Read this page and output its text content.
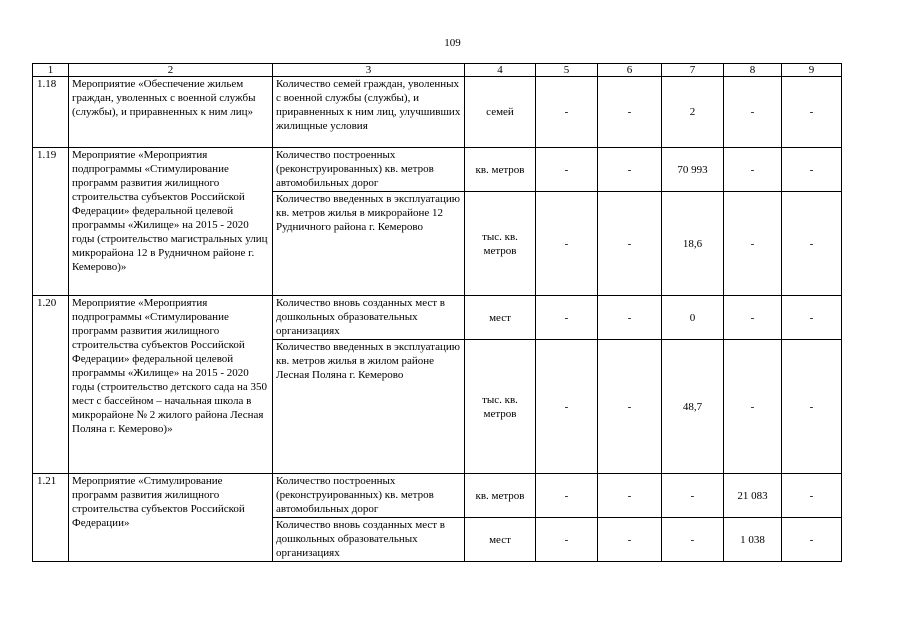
109
1	2	3	4	5	6	7	8	9
1.18	Мероприятие «Обеспечение жильем граждан, уволенных с военной службы (службы), и приравненных к ним лиц»	Количество семей граждан, уволенных с военной службы (службы), и приравненных к ним лиц, улучшивших жилищные условия	семей	-	-	2	-	-
1.19	Мероприятие «Мероприятия подпрограммы «Стимулирование программ развития жилищного строительства субъектов Российской Федерации» федеральной целевой программы «Жилище» на 2015 - 2020 годы (строительство магистральных улиц микрорайона 12 в Рудничном районе г. Кемерово)»	Количество построенных (реконструированных) кв. метров автомобильных дорог	кв. метров	-	-	70 993	-	-
		Количество введенных в эксплуатацию кв. метров жилья в микрорайоне 12 Рудничного района г. Кемерово	тыс. кв. метров	-	-	18,6	-	-
1.20	Мероприятие «Мероприятия подпрограммы «Стимулирование программ развития жилищного строительства субъектов Российской Федерации» федеральной целевой программы «Жилище» на 2015 - 2020 годы (строительство детского сада на 350 мест с бассейном – начальная школа в микрорайоне № 2 жилого района Лесная Поляна г. Кемерово)»	Количество вновь созданных мест в дошкольных образовательных организациях	мест	-	-	0	-	-
		Количество введенных в эксплуатацию кв. метров жилья в жилом районе Лесная Поляна г. Кемерово	тыс. кв. метров	-	-	48,7	-	-
1.21	Мероприятие «Стимулирование программ развития жилищного строительства субъектов Российской Федерации»	Количество построенных (реконструированных) кв. метров автомобильных дорог	кв. метров	-	-	-	21 083	-
		Количество вновь созданных мест в дошкольных образовательных организациях	мест	-	-	-	1 038	-
